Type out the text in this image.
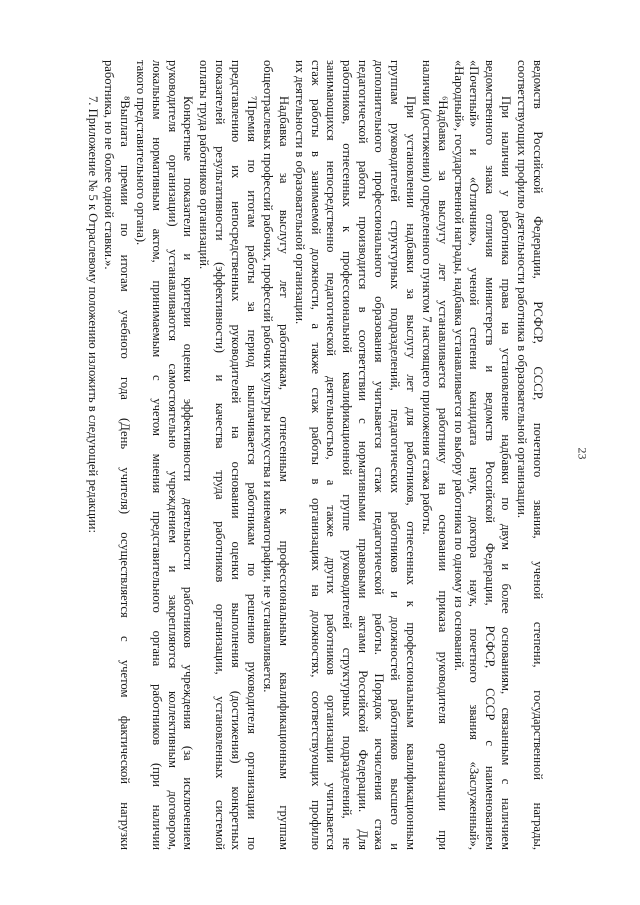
23
ведомств Российской Федерации, РСФСР, СССР, почетного звания, ученой степени, государственной награды,
соответствующих профилю деятельности работника в образовательной организации.
При наличии у работника права на установление надбавки по двум и более основаниям, связанным с наличием
ведомственного знака отличия министерств и ведомств Российской Федерации, РСФСР, СССР с наименованием
«Почетный» и «Отличник», ученой степени кандидата наук, доктора наук, почетного звания «Заслуженный»,
«Народный», государственной награды, надбавка устанавливается по выбору работника по одному из оснований.
⁶Надбавка за выслугу лет устанавливается работнику на основании приказа руководителя организации при
наличии (достижении) определенного пунктом 7 настоящего приложения стажа работы.
При установлении надбавки за выслугу лет для работников, отнесенных к профессиональным квалификационным
группам руководителей структурных подразделений, педагогических работников и должностей работников высшего и
дополнительного профессионального образования учитывается стаж педагогической работы. Порядок исчисления стажа
педагогической работы производится в соответствии с нормативными правовыми актами Российской Федерации. Для
работников, отнесенных к профессиональной квалификационной группе руководителей структурных подразделений, не
занимающихся непосредственно педагогической деятельностью, а также других работников организации учитывается
стаж работы в занимаемой должности, а также стаж работы в организациях на должностях, соответствующих профилю
их деятельности в образовательной организации.
Надбавка за выслугу лет работникам, отнесенным к профессиональным квалификационным группам
общеотраслевых профессий рабочих, профессий рабочих культуры искусства и кинематографии, не устанавливается.
⁷Премия по итогам работы за период выплачивается работникам по решению руководителя организации по
представлению их непосредственных руководителей на основании оценки выполнения (достижения) конкретных
показателей результативности (эффективности) и качества труда работников организации, установленных системой
оплаты труда работников организаций.
Конкретные показатели и критерии оценки эффективности деятельности работников учреждения (за исключением
руководителя организации) устанавливаются самостоятельно учреждением и закрепляются коллективным договором,
локальным нормативным актом, принимаемым с учетом мнения представительного органа работников (при наличии
такого представительного органа).
⁸Выплата премии по итогам учебного года (День учителя) осуществляется с учетом фактической нагрузки
работника, но не более одной ставки.».
7. Приложение № 5 к Отраслевому положению изложить в следующей редакции:
